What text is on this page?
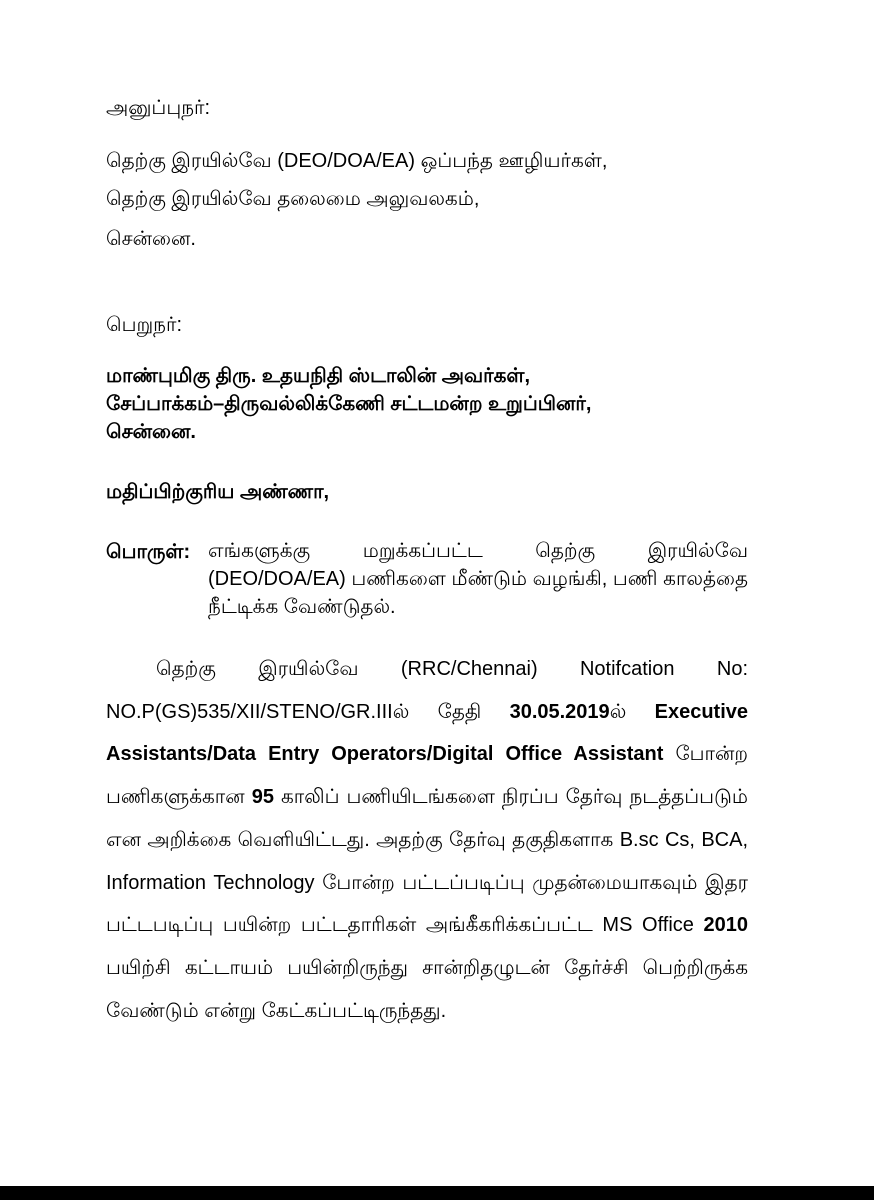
அனுப்புநர்:
தெற்கு இரயில்வே (DEO/DOA/EA) ஒப்பந்த ஊழியர்கள்,
தெற்கு இரயில்வே தலைமை அலுவலகம்,
சென்னை.
பெறுநர்:
மாண்புமிகு திரு. உதயநிதி ஸ்டாலின் அவர்கள்,
சேப்பாக்கம்–திருவல்லிக்கேணி சட்டமன்ற உறுப்பினர்,
சென்னை.
மதிப்பிற்குரிய அண்ணா,
பொருள்: எங்களுக்கு மறுக்கப்பட்ட தெற்கு இரயில்வே (DEO/DOA/EA) பணிகளை மீண்டும் வழங்கி, பணி காலத்தை நீட்டிக்க வேண்டுதல்.
தெற்கு இரயில்வே (RRC/Chennai) Notifcation No: NO.P(GS)535/XII/STENO/GR.IIIல் தேதி 30.05.2019ல் Executive Assistants/Data Entry Operators/Digital Office Assistant போன்ற பணிகளுக்கான 95 காலிப் பணியிடங்களை நிரப்ப தேர்வு நடத்தப்படும் என அறிக்கை வெளியிட்டது. அதற்கு தேர்வு தகுதிகளாக B.sc Cs, BCA, Information Technology போன்ற பட்டப்படிப்பு முதன்மையாகவும் இதர பட்டபடிப்பு பயின்ற பட்டதாரிகள் அங்கீகரிக்கப்பட்ட MS Office 2010 பயிற்சி கட்டாயம் பயின்றிருந்து சான்றிதழுடன் தேர்ச்சி பெற்றிருக்க வேண்டும் என்று கேட்கப்பட்டிருந்தது.
